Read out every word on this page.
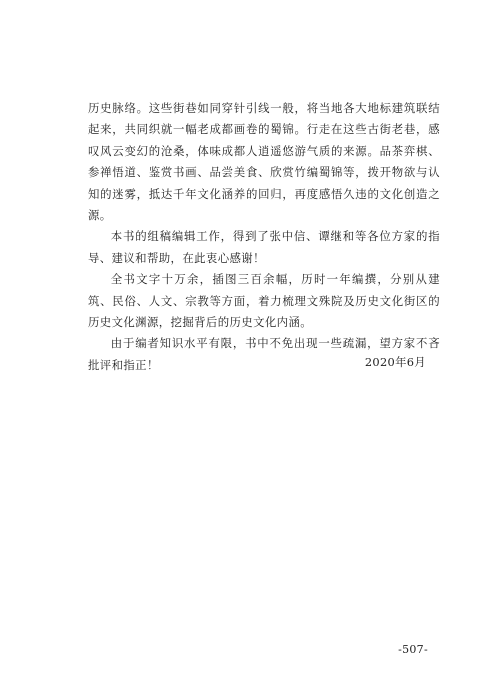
历史脉络。这些街巷如同穿针引线一般，将当地各大地标建筑联结起来，共同织就一幅老成都画卷的蜀锦。行走在这些古街老巷，感叹风云变幻的沧桑，体味成都人逍遥悠游气质的来源。品茶弈棋、参禅悟道、鉴赏书画、品尝美食、欣赏竹编蜀锦等，拨开物欲与认知的迷雾，抵达千年文化涵养的回归，再度感悟久违的文化创造之源。

本书的组稿编辑工作，得到了张中信、谭继和等各位方家的指导、建议和帮助，在此衷心感谢！

全书文字十万余，插图三百余幅，历时一年编撰，分别从建筑、民俗、人文、宗教等方面，着力梳理文殊院及历史文化街区的历史文化渊源，挖掘背后的历史文化内涵。

由于编者知识水平有限，书中不免出现一些疏漏，望方家不吝批评和指正！	2020年6月
-507-
